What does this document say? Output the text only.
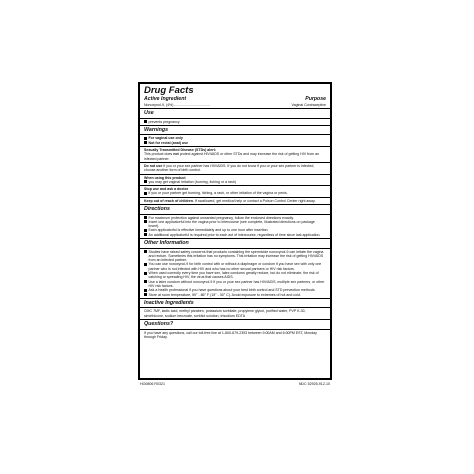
Drug Facts
Active Ingredient	Purpose
Nonoxynol-9, (4%) ....................................	Vaginal Contraceptive
Use
prevents pregnancy
Warnings
For vaginal use only
Not for rectal (anal) use
Sexually Transmitted Disease (STDs) alert:
This product does not protect against HIV/AIDS or other STDs and may increase the risk of getting HIV from an infected partner.
Do not use if you or your sex partner has HIV/AIDS. If you do not know if you or your sex partner is infected, choose another form of birth control.
When using this product
you may get vaginal irritation (burning, itching or a rash)
Stop use and ask a doctor
if you or your partner get burning, itching, a rash, or other irritation of the vagina or penis.
Keep out of reach of children. If swallowed, get medical help or contact a Poison Control Center right away.
Directions
For maximum protection against unwanted pregnancy, follow the enclosed directions exactly.
Insert one applicatorful into the vagina prior to intercourse (see complete, illustrated directions on package insert).
Each applicatorful is effective immediately and up to one hour after insertion.
An additional applicatorful is required prior to each act of intercourse, regardless of time since last application.
Other Information
Studies have raised safety concerns that products containing the spermicide nonoxynol-9 can irritate the vagina and rectum. Sometimes this irritation has no symptoms. This irritation may increase the risk of getting HIV/AIDS from an infected partner.
You can use nonoxynol-9 for birth control with or without a diaphragm or condom if you have sex with only one partner who is not infected with HIV and who has no other sexual partners or HIV risk factors.
When used correctly every time you have sex, latex condoms greatly reduce, but do not eliminate, the risk of catching or spreading HIV, the virus that causes AIDS.
Use a latex condom without nonoxynol-9 if you or your sex partner has HIV/AIDS, multiple sex partners, or other HIV risk factors.
Ask a health professional if you have questions about your best birth control and STD prevention methods.
Store at room temperature, 59° - 86° F (15° - 30° C). Avoid exposure to extremes of hot and cold.
Inactive Ingredients
CMC 7MF, lactic acid, methyl paraben, potassium sorbitate, propylene glycol, purified water, PVP K-30, simethicone, sodium benzoate, sorbitol solution, trisodium EDTA
Questions?
If you have any questions, call our toll-free line at 1-800-679-2393 between 9:00AM and 6:00PM EST, Monday through Friday.
HO0806 R0321	NDC 52925-912-10
